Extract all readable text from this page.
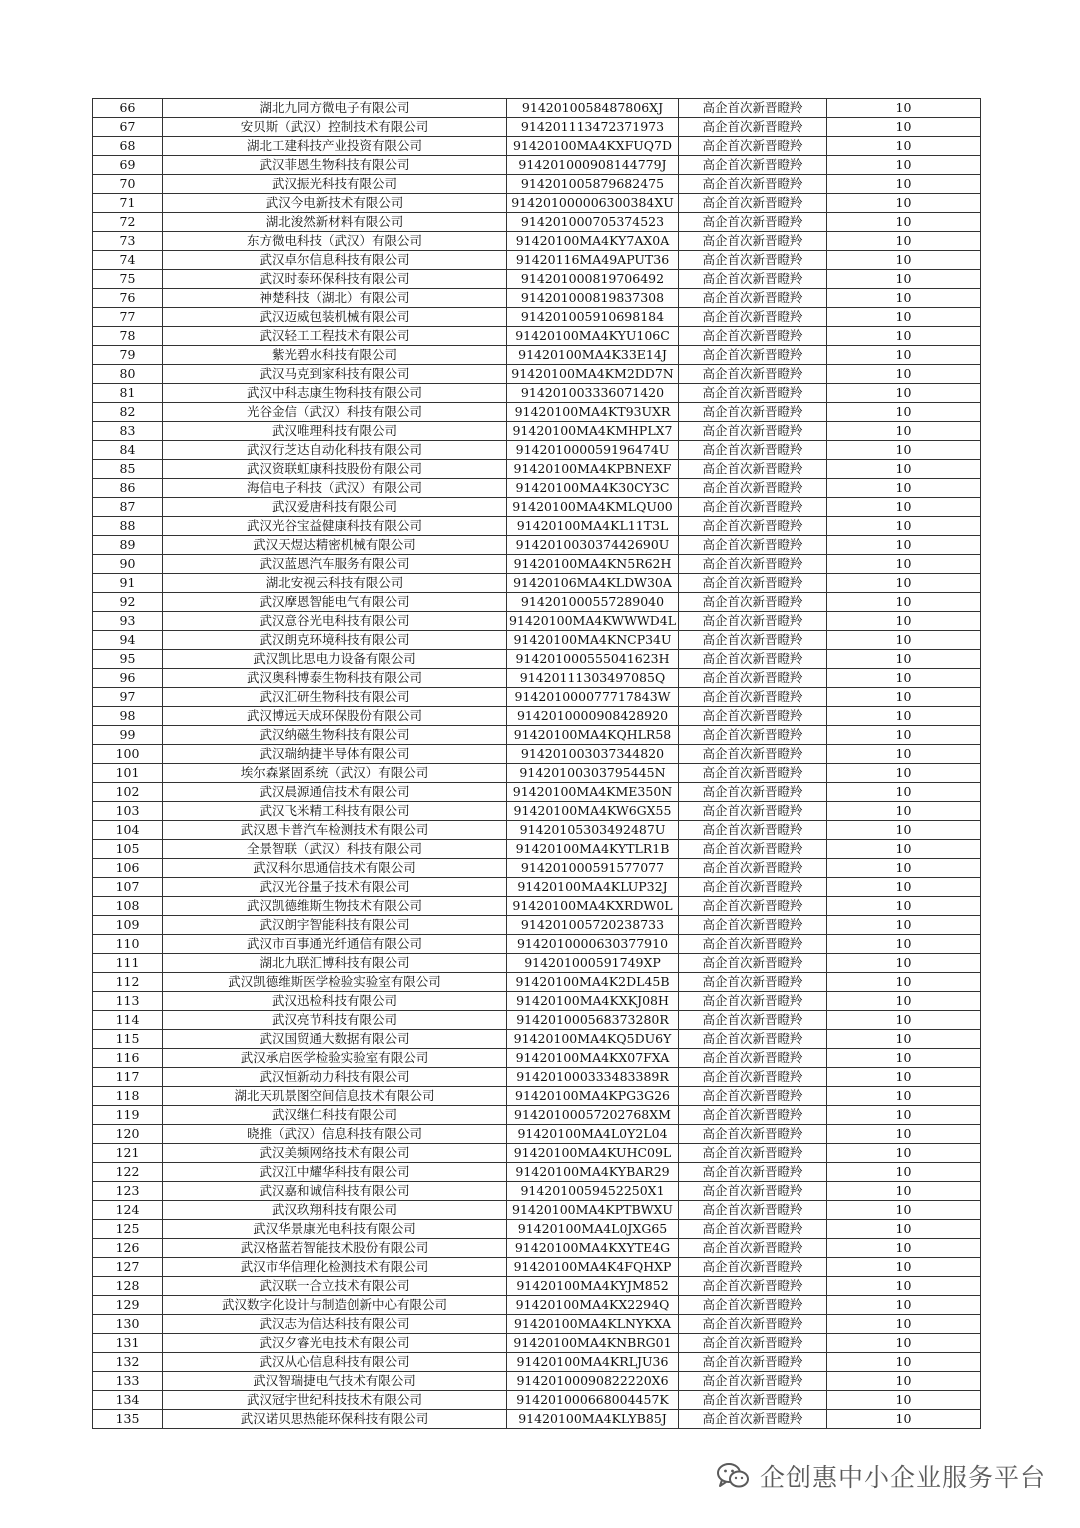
66	湖北九同方微电子有限公司	9142010058487806XJ	高企首次新晋瞪羚	10
67	安贝斯（武汉）控制技术有限公司	914201113472371973	高企首次新晋瞪羚	10
68	湖北工建科技产业投资有限公司	91420100MA4KXFUQ7D	高企首次新晋瞪羚	10
69	武汉菲恩生物科技有限公司	914201000908144779J	高企首次新晋瞪羚	10
70	武汉振光科技有限公司	914201005879682475	高企首次新晋瞪羚	10
71	武汉今电新技术有限公司	914201000006300384XU	高企首次新晋瞪羚	10
72	湖北浚然新材料有限公司	914201000705374523	高企首次新晋瞪羚	10
73	东方微电科技（武汉）有限公司	91420100MA4KY7AX0A	高企首次新晋瞪羚	10
74	武汉卓尔信息科技有限公司	91420116MA49APUT36	高企首次新晋瞪羚	10
75	武汉时泰环保科技有限公司	914201000819706492	高企首次新晋瞪羚	10
76	神楚科技（湖北）有限公司	914201000819837308	高企首次新晋瞪羚	10
77	武汉迈威包装机械有限公司	914201005910698184	高企首次新晋瞪羚	10
78	武汉轻工工程技术有限公司	91420100MA4KYU106C	高企首次新晋瞪羚	10
79	紫光碧水科技有限公司	91420100MA4K33E14J	高企首次新晋瞪羚	10
80	武汉马克到家科技有限公司	91420100MA4KM2DD7N	高企首次新晋瞪羚	10
81	武汉中科志康生物科技有限公司	914201003336071420	高企首次新晋瞪羚	10
82	光谷金信（武汉）科技有限公司	91420100MA4KT93UXR	高企首次新晋瞪羚	10
83	武汉唯理科技有限公司	91420100MA4KMHPLX7	高企首次新晋瞪羚	10
84	武汉行芝达自动化科技有限公司	914201000059196474U	高企首次新晋瞪羚	10
85	武汉资联虹康科技股份有限公司	91420100MA4KPBNEXF	高企首次新晋瞪羚	10
86	海信电子科技（武汉）有限公司	91420100MA4K30CY3C	高企首次新晋瞪羚	10
87	武汉爱唐科技有限公司	91420100MA4KMLQU00	高企首次新晋瞪羚	10
88	武汉光谷宝益健康科技有限公司	91420100MA4KL11T3L	高企首次新晋瞪羚	10
89	武汉天煜达精密机械有限公司	914201003037442690U	高企首次新晋瞪羚	10
90	武汉蓝恩汽车服务有限公司	91420100MA4KN5R62H	高企首次新晋瞪羚	10
91	湖北安视云科技有限公司	91420106MA4KLDW30A	高企首次新晋瞪羚	10
92	武汉摩恩智能电气有限公司	914201000557289040	高企首次新晋瞪羚	10
93	武汉意谷光电科技有限公司	91420100MA4KWWWD4L	高企首次新晋瞪羚	10
94	武汉朗克环境科技有限公司	91420100MA4KNCP34U	高企首次新晋瞪羚	10
95	武汉凯比思电力设备有限公司	914201000555041623H	高企首次新晋瞪羚	10
96	武汉奥科博泰生物科技有限公司	91420111303497085Q	高企首次新晋瞪羚	10
97	武汉汇研生物科技有限公司	914201000077717843W	高企首次新晋瞪羚	10
98	武汉博远天成环保股份有限公司	9142010000908428920	高企首次新晋瞪羚	10
99	武汉纳磁生物科技有限公司	91420100MA4KQHLR58	高企首次新晋瞪羚	10
100	武汉瑞纳捷半导体有限公司	914201003037344820	高企首次新晋瞪羚	10
101	埃尔森紧固系统（武汉）有限公司	91420100303795445N	高企首次新晋瞪羚	10
102	武汉晨源通信技术有限公司	91420100MA4KME350N	高企首次新晋瞪羚	10
103	武汉飞米精工科技有限公司	91420100MA4KW6GX55	高企首次新晋瞪羚	10
104	武汉恩卡普汽车检测技术有限公司	91420105303492487U	高企首次新晋瞪羚	10
105	全景智联（武汉）科技有限公司	91420100MA4KYTLR1B	高企首次新晋瞪羚	10
106	武汉科尔思通信技术有限公司	914201000591577077	高企首次新晋瞪羚	10
107	武汉光谷量子技术有限公司	91420100MA4KLUP32J	高企首次新晋瞪羚	10
108	武汉凯德维斯生物技术有限公司	91420100MA4KXRDW0L	高企首次新晋瞪羚	10
109	武汉朗宇智能科技有限公司	914201005720238733	高企首次新晋瞪羚	10
110	武汉市百事通光纤通信有限公司	9142010000630377910	高企首次新晋瞪羚	10
111	湖北九联汇博科技有限公司	914201000591749XP	高企首次新晋瞪羚	10
112	武汉凯德维斯医学检验实验室有限公司	91420100MA4K2DL45B	高企首次新晋瞪羚	10
113	武汉迅检科技有限公司	91420100MA4KXKJ08H	高企首次新晋瞪羚	10
114	武汉亮节科技有限公司	914201000568373280R	高企首次新晋瞪羚	10
115	武汉国贸通大数据有限公司	91420100MA4KQ5DU6Y	高企首次新晋瞪羚	10
116	武汉承启医学检验实验室有限公司	91420100MA4KX07FXA	高企首次新晋瞪羚	10
117	武汉恒新动力科技有限公司	914201000333483389R	高企首次新晋瞪羚	10
118	湖北天玑景图空间信息技术有限公司	91420100MA4KPG3G26	高企首次新晋瞪羚	10
119	武汉继仁科技有限公司	91420100057202768XM	高企首次新晋瞪羚	10
120	晓推（武汉）信息科技有限公司	91420100MA4L0Y2L04	高企首次新晋瞪羚	10
121	武汉美频网络技术有限公司	91420100MA4KUHC09L	高企首次新晋瞪羚	10
122	武汉江中耀华科技有限公司	91420100MA4KYBAR29	高企首次新晋瞪羚	10
123	武汉嘉和诚信科技有限公司	9142010059452250X1	高企首次新晋瞪羚	10
124	武汉玖翔科技有限公司	91420100MA4KPTBWXU	高企首次新晋瞪羚	10
125	武汉华景康光电科技有限公司	91420100MA4L0JXG65	高企首次新晋瞪羚	10
126	武汉格蓝若智能技术股份有限公司	91420100MA4KXYTE4G	高企首次新晋瞪羚	10
127	武汉市华信理化检测技术有限公司	91420100MA4K4FQHXP	高企首次新晋瞪羚	10
128	武汉联一合立技术有限公司	91420100MA4KYJM852	高企首次新晋瞪羚	10
129	武汉数字化设计与制造创新中心有限公司	91420100MA4KX2294Q	高企首次新晋瞪羚	10
130	武汉志为信达科技有限公司	91420100MA4KLNYKXA	高企首次新晋瞪羚	10
131	武汉夕睿光电技术有限公司	91420100MA4KNBRG01	高企首次新晋瞪羚	10
132	武汉从心信息科技有限公司	91420100MA4KRLJU36	高企首次新晋瞪羚	10
133	武汉智瑞捷电气技术有限公司	91420100090822220X6	高企首次新晋瞪羚	10
134	武汉冠宇世纪科技技术有限公司	914201000668004457K	高企首次新晋瞪羚	10
135	武汉诺贝思热能环保科技有限公司	91420100MA4KLYB85J	高企首次新晋瞪羚	10
企创惠中小企业服务平台
